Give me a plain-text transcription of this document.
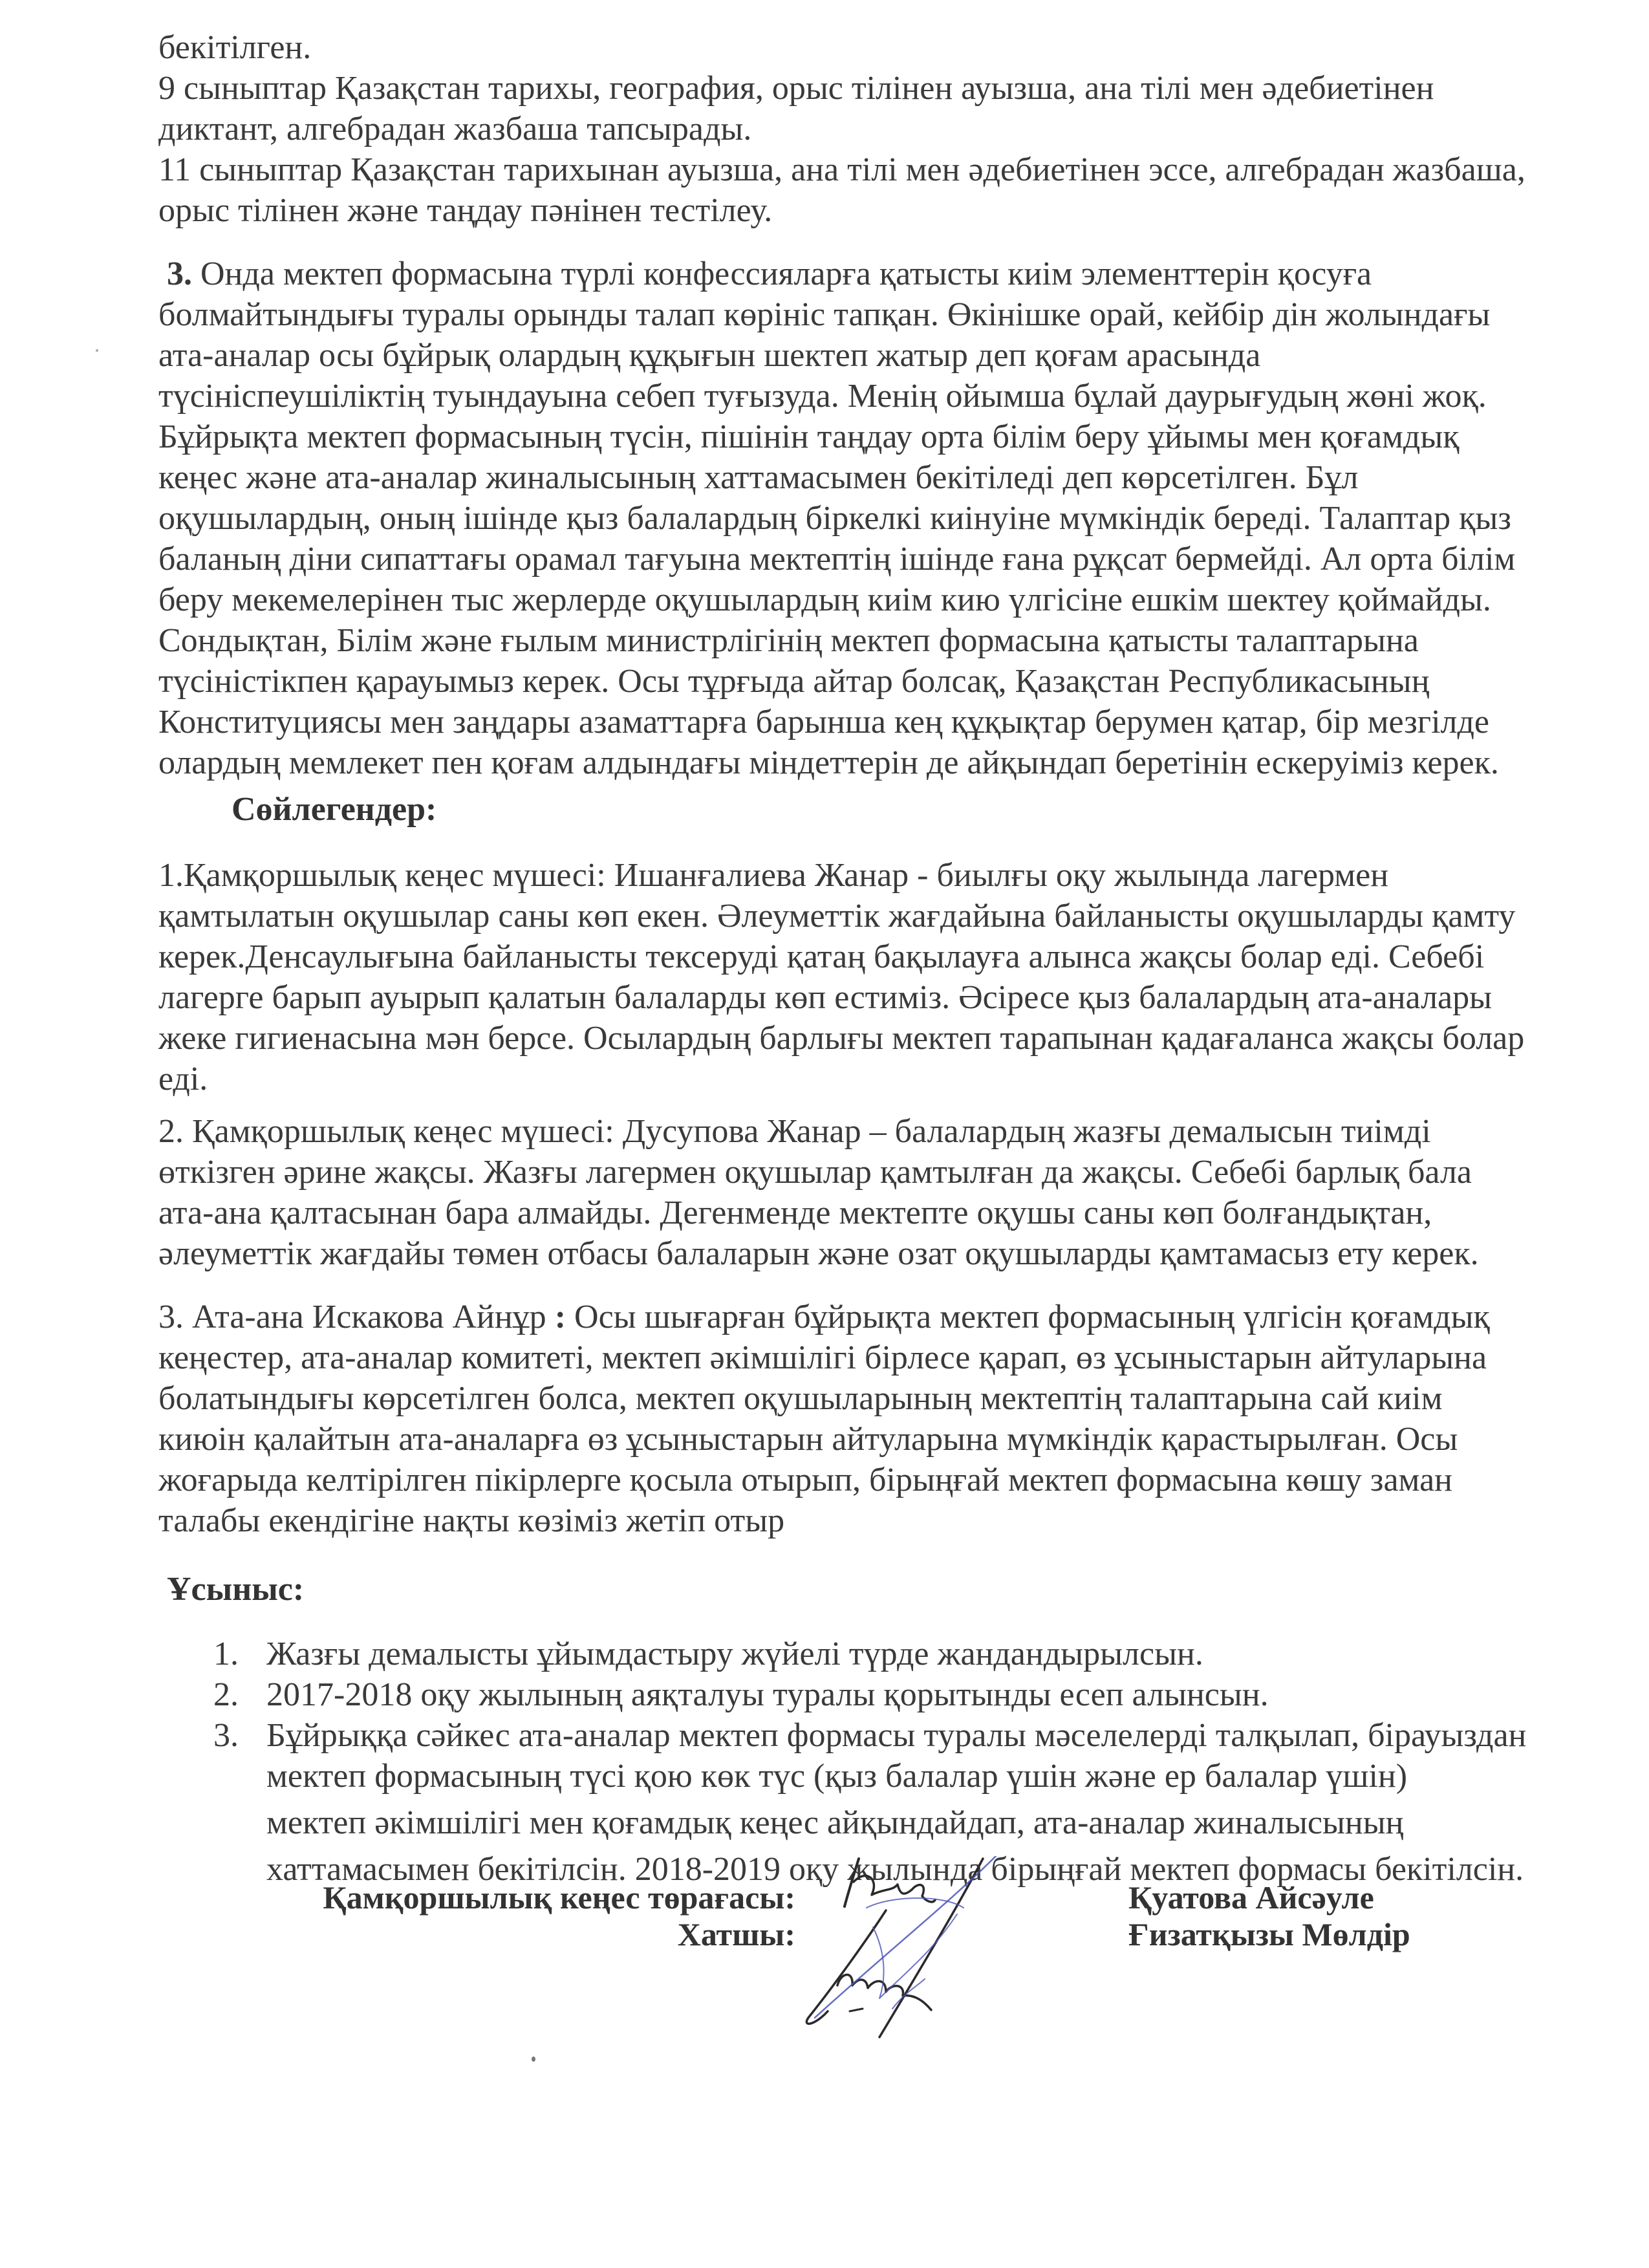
бекітілген.
9 сыныптар Қазақстан тарихы, география, орыс тілінен ауызша, ана тілі мен әдебиетінен
диктант, алгебрадан жазбаша тапсырады.
11 сыныптар Қазақстан тарихынан ауызша, ана тілі мен әдебиетінен эссе, алгебрадан жазбаша,
орыс тілінен және таңдау пәнінен тестілеу.
3. Онда мектеп формасына түрлі конфессияларға қатысты киім элементтерін қосуға
болмайтындығы туралы орынды талап көрініс тапқан. Өкінішке орай, кейбір дін жолындағы
ата-аналар осы бұйрық олардың құқығын шектеп жатыр деп қоғам арасында
түсініспеушіліктің туындауына себеп туғызуда. Менің ойымша бұлай даурығудың жөні жоқ.
Бұйрықта мектеп формасының түсін, пішінін таңдау орта білім беру ұйымы мен қоғамдық
кеңес және ата-аналар жиналысының хаттамасымен бекітіледі деп көрсетілген. Бұл
оқушылардың, оның ішінде қыз балалардың біркелкі киінуіне мүмкіндік береді. Талаптар қыз
баланың діни сипаттағы орамал тағуына мектептің ішінде ғана рұқсат бермейді. Ал орта білім
беру мекемелерінен тыс жерлерде оқушылардың киім кию үлгісіне ешкім шектеу қоймайды.
Сондықтан, Білім және ғылым министрлігінің мектеп формасына қатысты талаптарына
түсіністікпен қарауымыз керек. Осы тұрғыда айтар болсақ, Қазақстан Республикасының
Конституциясы мен заңдары азаматтарға барынша кең құқықтар берумен қатар, бір мезгілде
олардың мемлекет пен қоғам алдындағы міндеттерін де айқындап беретінін ескеруіміз керек.
Сөйлегендер:
1.Қамқоршылық кеңес мүшесі: Ишанғалиева Жанар - биылғы оқу жылында лагермен
қамтылатын оқушылар саны көп екен. Әлеуметтік жағдайына байланысты оқушыларды қамту
керек.Денсаулығына байланысты тексеруді қатаң бақылауға алынса жақсы болар еді. Себебі
лагерге барып ауырып қалатын балаларды көп естиміз. Әсіресе қыз балалардың ата-аналары
жеке гигиенасына мән берсе. Осылардың барлығы мектеп тарапынан қадағаланса жақсы болар
еді.
2. Қамқоршылық кеңес мүшесі: Дусупова Жанар – балалардың жазғы демалысын тиімді
өткізген әрине жақсы. Жазғы лагермен оқушылар қамтылған да жақсы. Себебі барлық бала
ата-ана қалтасынан бара алмайды. Дегенменде мектепте оқушы саны көп болғандықтан,
әлеуметтік жағдайы төмен отбасы балаларын және озат оқушыларды қамтамасыз ету керек.
3. Ата-ана Искакова Айнұр : Осы шығарған бұйрықта мектеп формасының үлгісін қоғамдық
кеңестер, ата-аналар комитеті, мектеп әкімшілігі бірлесе қарап, өз ұсыныстарын айтуларына
болатындығы көрсетілген болса, мектеп оқушыларының мектептің талаптарына сай киім
киюін қалайтын ата-аналарға өз ұсыныстарын айтуларына мүмкіндік қарастырылған. Осы
жоғарыда келтірілген пікірлерге қосыла отырып, бірыңғай мектеп формасына көшу заман
талабы екендігіне нақты көзіміз жетіп отыр
Ұсыныс:
1. Жазғы демалысты ұйымдастыру жүйелі түрде жандандырылсын.
2. 2017-2018 оқу жылының аяқталуы туралы қорытынды есеп алынсын.
3. Бұйрыққа сәйкес ата-аналар мектеп формасы туралы мәселелерді талқылап, бірауыздан
мектеп формасының түсі қою көк түс (қыз балалар үшін және ер балалар үшін)
мектеп әкімшілігі мен қоғамдық кеңес айқындайдап, ата-аналар жиналысының
хаттамасымен бекітілсін. 2018-2019 оқу жылында бірыңғай мектеп формасы бекітілсін.
Қамқоршылық кеңес төрағасы:
Хатшы:
Қуатова Айсәуле
Ғизатқызы Мөлдір
